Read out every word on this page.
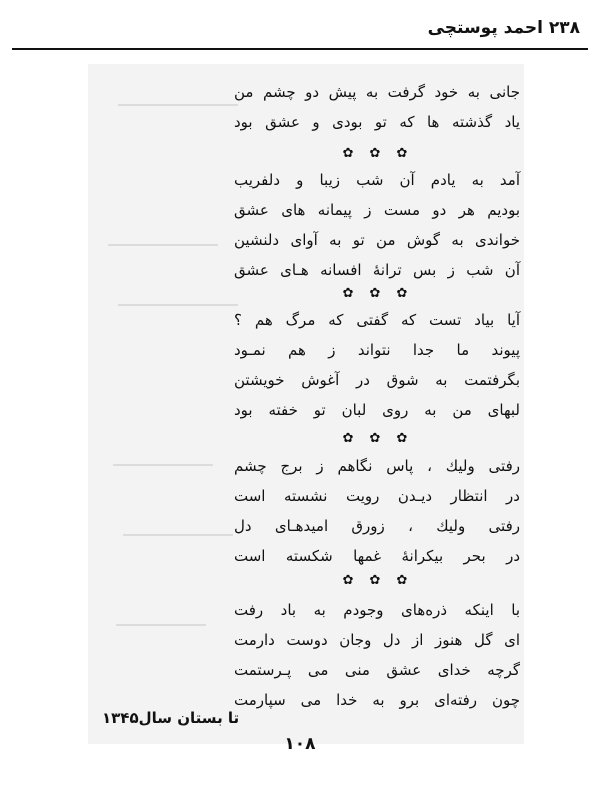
۲۳۸ احمد پوستچی
جانی به خود گرفت به پیش دو چشم من
یاد گذشته ها که تو بودی و عشق بود
✿
✿
✿
آمد به یادم آن شب زیبا و دلفریب
بودیم هر دو مست ز پیمانه های عشق
خواندی به گوش من تو به آوای دلنشین
آن شب ز بس ترانهٔ افسانه هـای عشق
✿
✿
✿
آیا بیاد تست که گفتی که مرگ هم ؟
پیوند ما جدا نتواند ز هم نمـود
بگرفتمت به شوق در آغوش خویشتن
لبهای من به روی لبان تو خفته بود
✿
✿
✿
رفتی ولیك ، پاس نگاهم ز برج چشم
در انتظار دیـدن رویت نشسته است
رفتی ولیك ، زورق امیدهـای دل
در بحر بیکرانهٔ غمها شکسته است
✿
✿
✿
با اینکه ذره‌های وجودم به باد رفت
ای گل هنوز از دل وجان دوست دارمت
گرچه خدای عشق منی می پـرستمت
چون رفته‌ای برو به خدا می سپارمت
تا بستان سال۱۳۴۵
۱۰۸
